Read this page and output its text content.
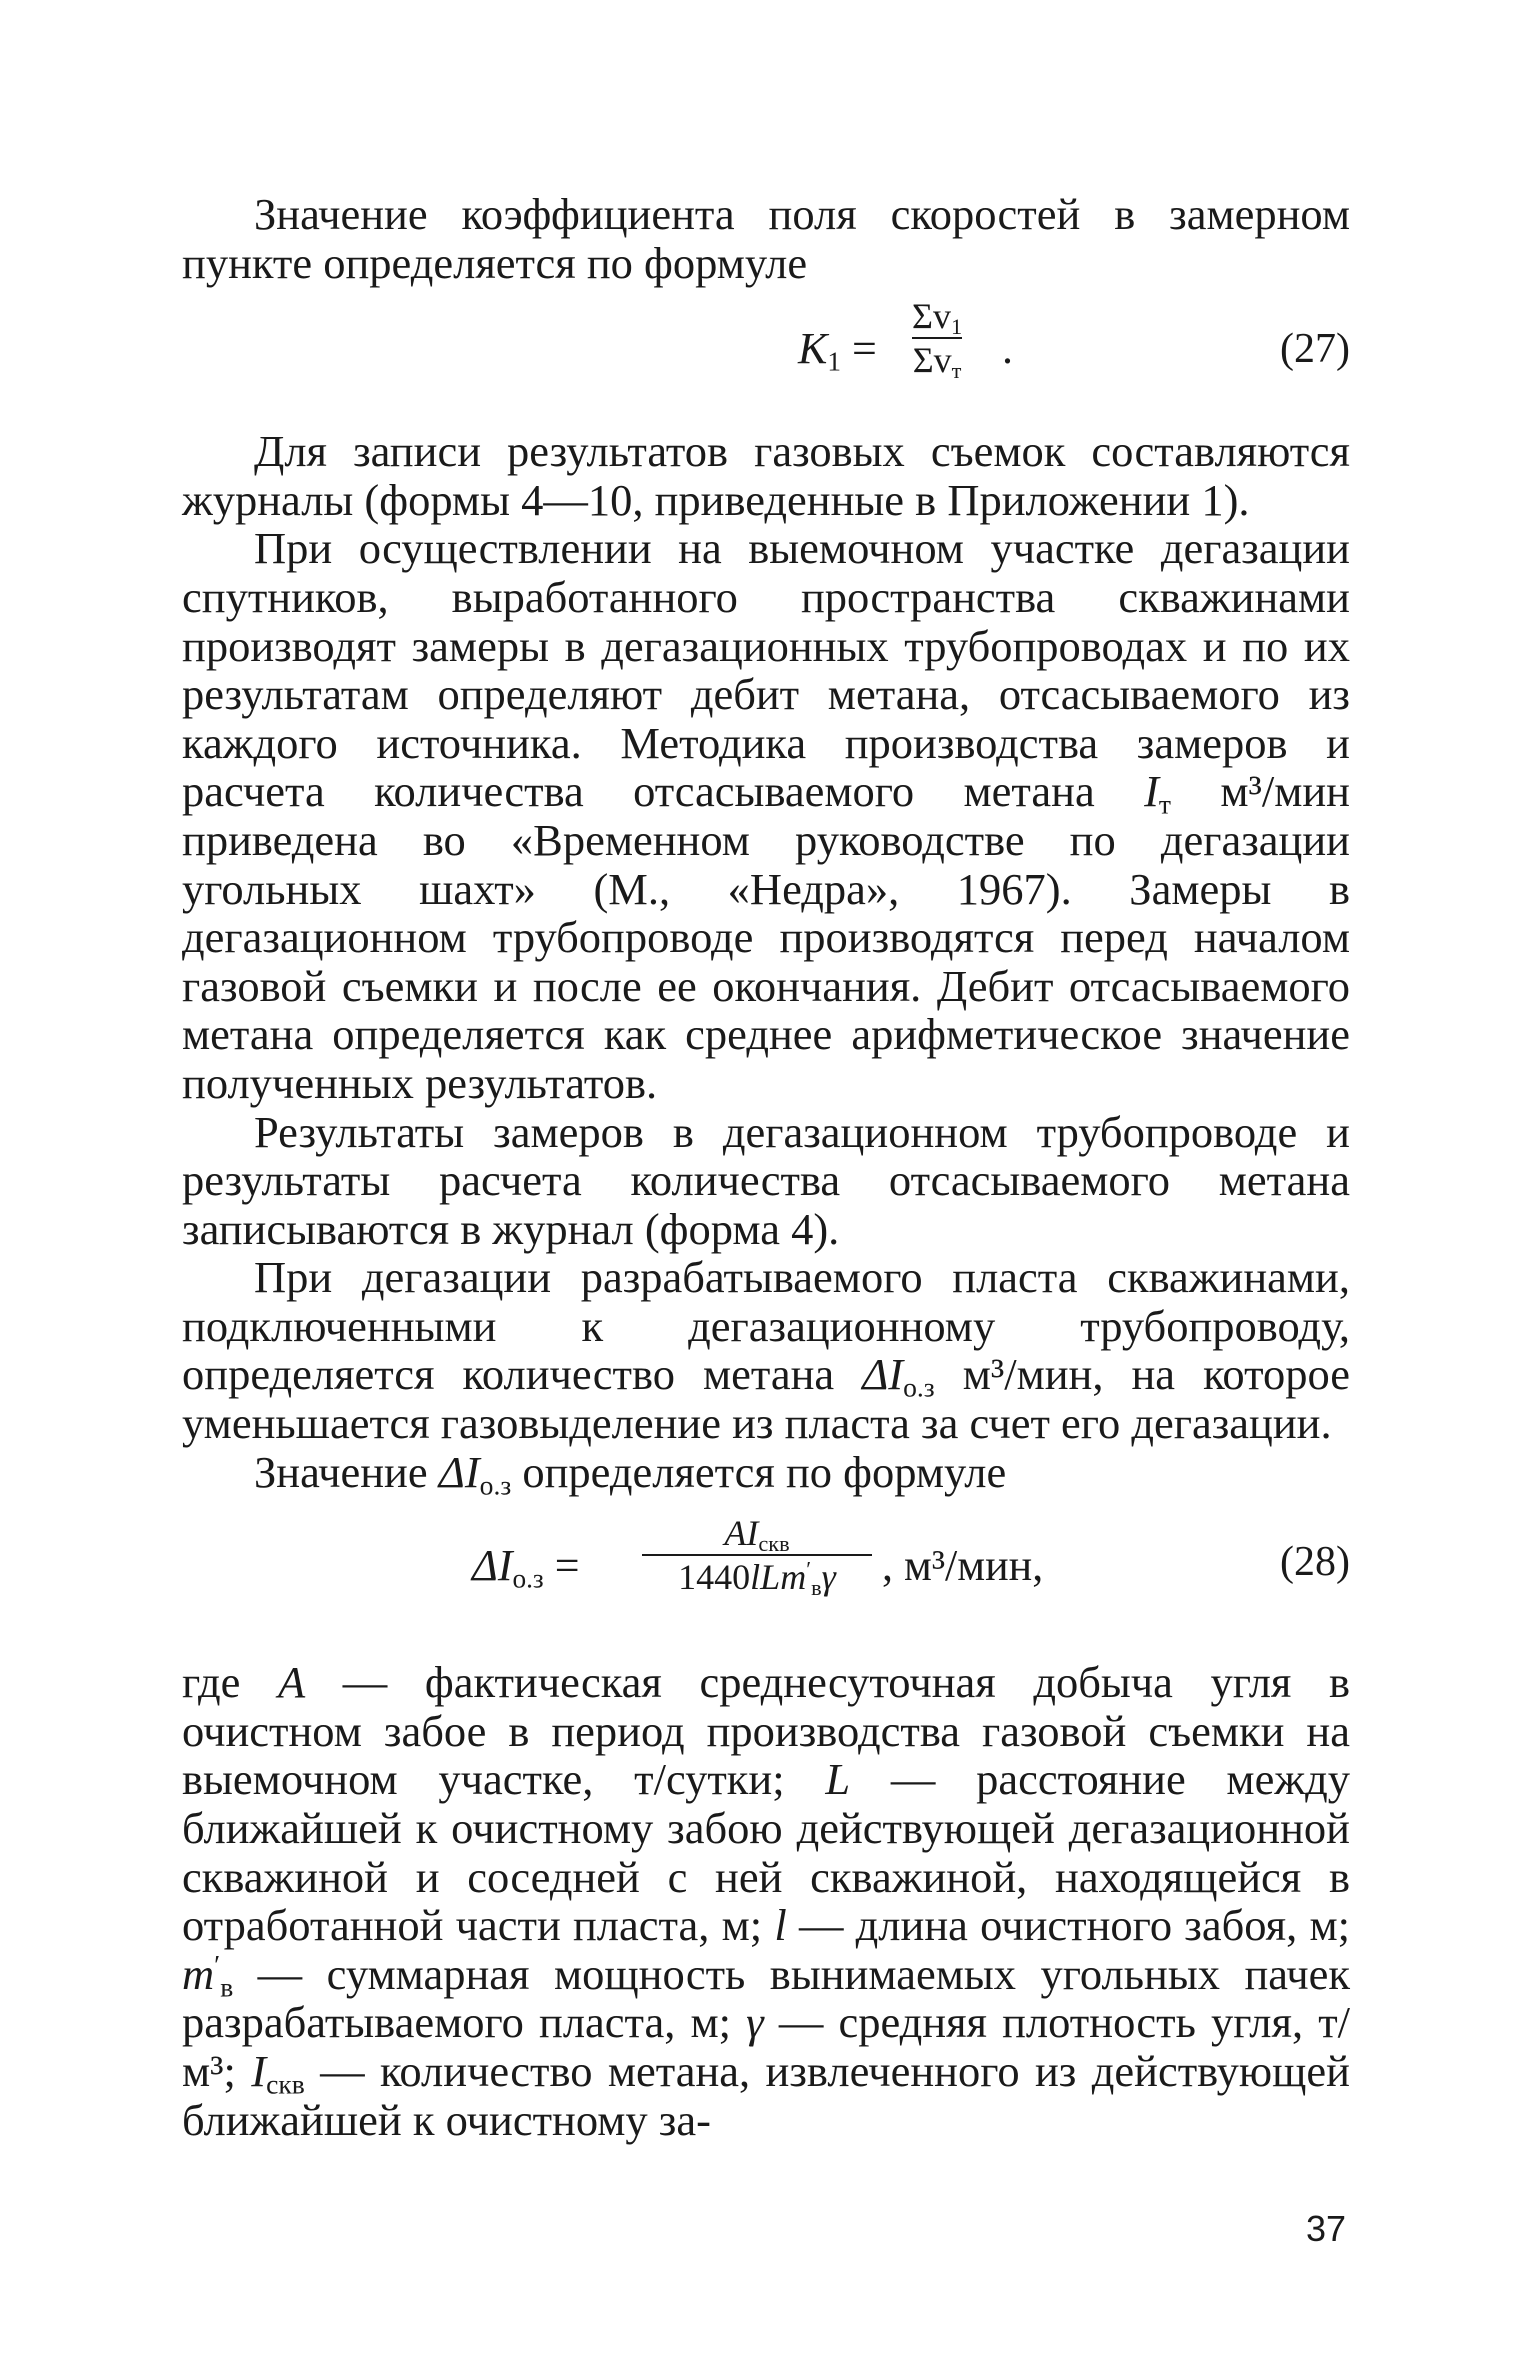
Значение коэффициента поля скоростей в замерном пункте определяется по формуле

$K_1$ =
$\Sigma v_1$
$\Sigma v_т$ .	(27)

Для записи результатов газовых съемок составляются журналы (формы 4—10, приведенные в Приложении 1).

При осуществлении на выемочном участке дегазации спутников, выработанного пространства скважинами производят замеры в дегазационных трубопроводах и по их результатам определяют дебит метана, отсасываемого из каждого источника. Методика производства замеров и расчета количества отсасываемого метана $I_т$ м³/мин приведена во «Временном руководстве по дегазации угольных шахт» (М., «Недра», 1967). Замеры в дегазационном трубопроводе производятся перед началом газовой съемки и после ее окончания. Дебит отсасываемого метана определяется как среднее арифметическое значение полученных результатов.

Результаты замеров в дегазационном трубопроводе и результаты расчета количества отсасываемого метана записываются в журнал (форма 4).

При дегазации разрабатываемого пласта скважинами, подключенными к дегазационному трубопроводу, определяется количество метана $\Delta I_{о.з}$ м³/мин, на которое уменьшается газовыделение из пласта за счет его дегазации.

Значение $\Delta I_{о.з}$ определяется по формуле

$\Delta I_{о.з}$ =
$AI_{скв}$
1440lLm′$_в$γ	, м³/мин,	(28)

где A — фактическая среднесуточная добыча угля в очистном забое в период производства газовой съемки на выемочном участке, т/сутки; L — расстояние между ближайшей к очистному забою действующей дегазационной скважиной и соседней с ней скважиной, находящейся в отработанной части пласта, м; l — длина очистного забоя, м; $m'_в$ — суммарная мощность вынимаемых угольных пачек разрабатываемого пласта, м; γ — средняя плотность угля, т/м³; $I_{скв}$ — количество метана, извлеченного из действующей ближайшей к очистному за-

37
